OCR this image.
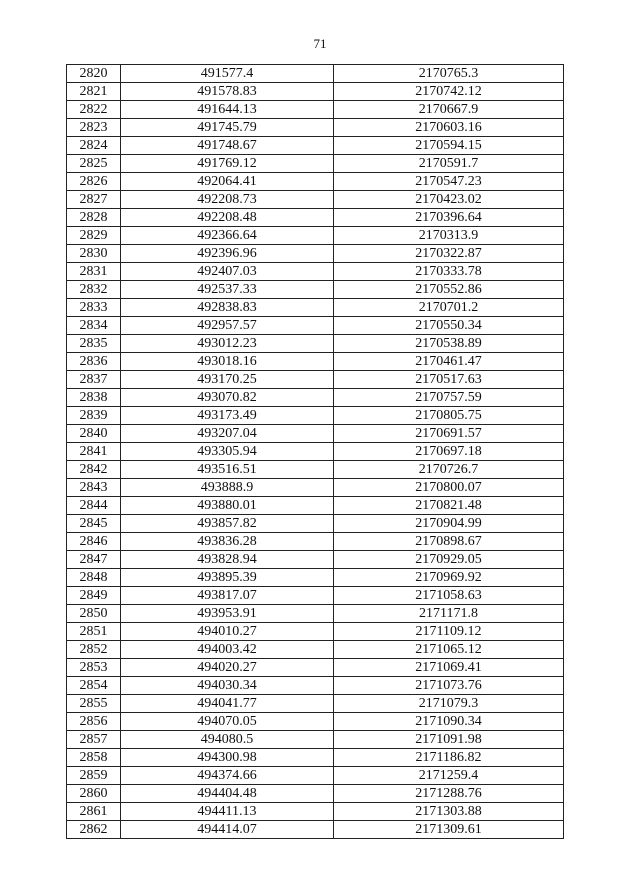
71
2820	491577.4	2170765.3
2821	491578.83	2170742.12
2822	491644.13	2170667.9
2823	491745.79	2170603.16
2824	491748.67	2170594.15
2825	491769.12	2170591.7
2826	492064.41	2170547.23
2827	492208.73	2170423.02
2828	492208.48	2170396.64
2829	492366.64	2170313.9
2830	492396.96	2170322.87
2831	492407.03	2170333.78
2832	492537.33	2170552.86
2833	492838.83	2170701.2
2834	492957.57	2170550.34
2835	493012.23	2170538.89
2836	493018.16	2170461.47
2837	493170.25	2170517.63
2838	493070.82	2170757.59
2839	493173.49	2170805.75
2840	493207.04	2170691.57
2841	493305.94	2170697.18
2842	493516.51	2170726.7
2843	493888.9	2170800.07
2844	493880.01	2170821.48
2845	493857.82	2170904.99
2846	493836.28	2170898.67
2847	493828.94	2170929.05
2848	493895.39	2170969.92
2849	493817.07	2171058.63
2850	493953.91	2171171.8
2851	494010.27	2171109.12
2852	494003.42	2171065.12
2853	494020.27	2171069.41
2854	494030.34	2171073.76
2855	494041.77	2171079.3
2856	494070.05	2171090.34
2857	494080.5	2171091.98
2858	494300.98	2171186.82
2859	494374.66	2171259.4
2860	494404.48	2171288.76
2861	494411.13	2171303.88
2862	494414.07	2171309.61
